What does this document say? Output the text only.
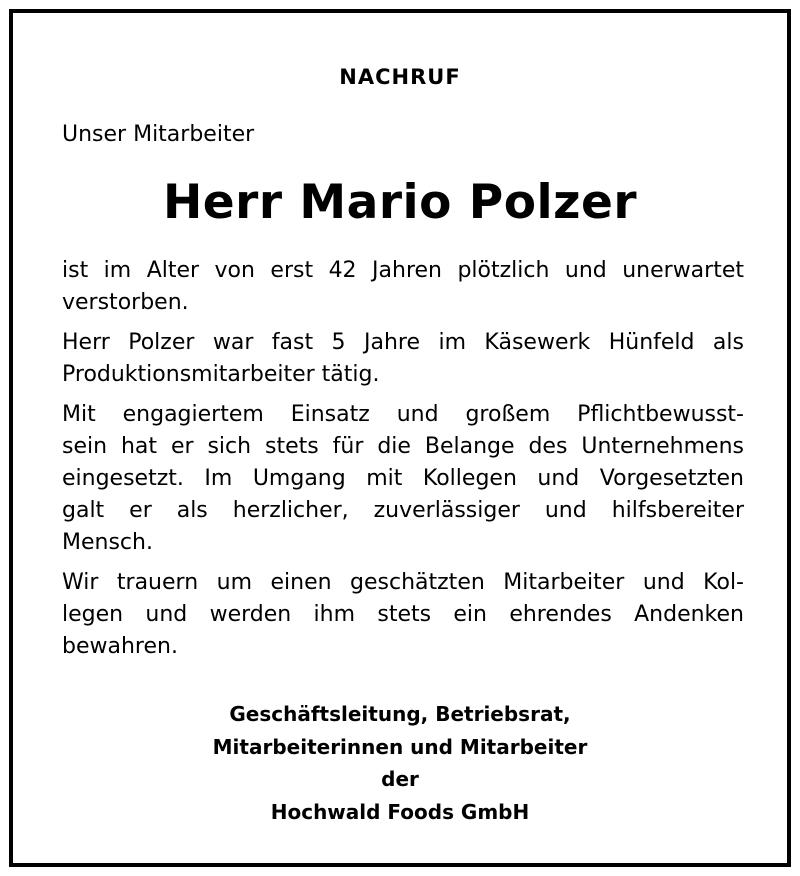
NACHRUF
Unser Mitarbeiter
Herr Mario Polzer

ist im Alter von erst 42 Jahren plötzlich und unerwartet
verstorben.

Herr Polzer war fast 5 Jahre im Käsewerk Hünfeld als
Produktionsmitarbeiter tätig.

Mit engagiertem Einsatz und großem Pflichtbewusst-
sein hat er sich stets für die Belange des Unternehmens
eingesetzt. Im Umgang mit Kollegen und Vorgesetzten
galt er als herzlicher, zuverlässiger und hilfsbereiter
Mensch.

Wir trauern um einen geschätzten Mitarbeiter und Kol-
legen und werden ihm stets ein ehrendes Andenken
bewahren.

Geschäftsleitung, Betriebsrat,
Mitarbeiterinnen und Mitarbeiter
der
Hochwald Foods GmbH
